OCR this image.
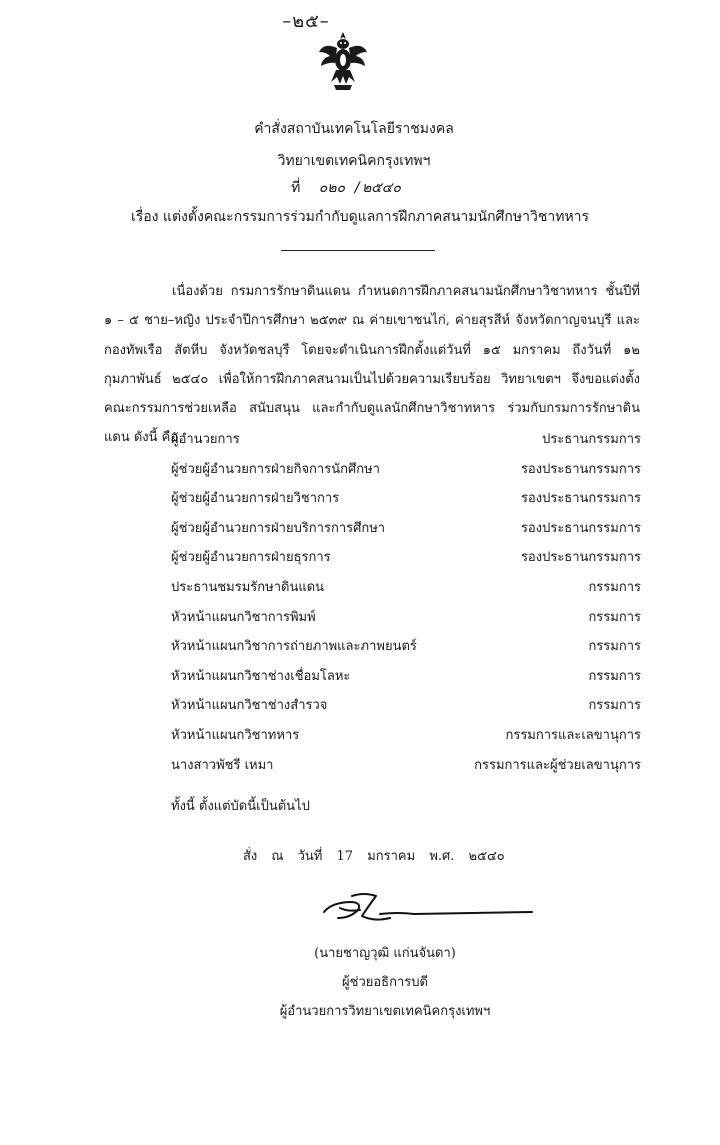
–๒๕–
คำสั่งสถาบันเทคโนโลยีราชมงคล
วิทยาเขตเทคนิคกรุงเทพฯ
ที่ ๐๒๐ /๒๕๔๐
เรื่อง แต่งตั้งคณะกรรมการร่วมกำกับดูแลการฝึกภาคสนามนักศึกษาวิชาทหาร

เนื่องด้วย กรมการรักษาดินแดน กำหนดการฝึกภาคสนามนักศึกษาวิชาทหาร ชั้นปีที่ ๑ – ๕ ชาย–หญิง ประจำปีการศึกษา ๒๕๓๙ ณ ค่ายเขาชนไก่, ค่ายสุรสีห์ จังหวัดกาญจนบุรี และกองทัพเรือ สัตหีบ จังหวัดชลบุรี โดยจะดำเนินการฝึกตั้งแต่วันที่ ๑๕ มกราคม ถึงวันที่ ๑๒ กุมภาพันธ์ ๒๕๔๐ เพื่อให้การฝึกภาคสนามเป็นไปด้วยความเรียบร้อย วิทยาเขตฯ จึงขอแต่งตั้งคณะกรรมการช่วยเหลือ สนับสนุน และกำกับดูแลนักศึกษาวิชาทหาร ร่วมกับกรมการรักษาดินแดน ดังนี้ คือ

ผู้อำนวยการ	ประธานกรรมการ
ผู้ช่วยผู้อำนวยการฝ่ายกิจการนักศึกษา	รองประธานกรรมการ
ผู้ช่วยผู้อำนวยการฝ่ายวิชาการ	รองประธานกรรมการ
ผู้ช่วยผู้อำนวยการฝ่ายบริการการศึกษา	รองประธานกรรมการ
ผู้ช่วยผู้อำนวยการฝ่ายธุรการ	รองประธานกรรมการ
ประธานชมรมรักษาดินแดน	กรรมการ
หัวหน้าแผนกวิชาการพิมพ์	กรรมการ
หัวหน้าแผนกวิชาการถ่ายภาพและภาพยนตร์	กรรมการ
หัวหน้าแผนกวิชาช่างเชื่อมโลหะ	กรรมการ
หัวหน้าแผนกวิชาช่างสำรวจ	กรรมการ
หัวหน้าแผนกวิชาทหาร	กรรมการและเลขานุการ
นางสาวพัชรี เหมา	กรรมการและผู้ช่วยเลขานุการ
ทั้งนี้ ตั้งแต่บัดนี้เป็นต้นไป
สั่ง ณ วันที่ 17 มกราคม พ.ศ. ๒๕๔๐
(นายชาญวุฒิ แก่นจันดา)
ผู้ช่วยอธิการบดี
ผู้อำนวยการวิทยาเขตเทคนิคกรุงเทพฯ
